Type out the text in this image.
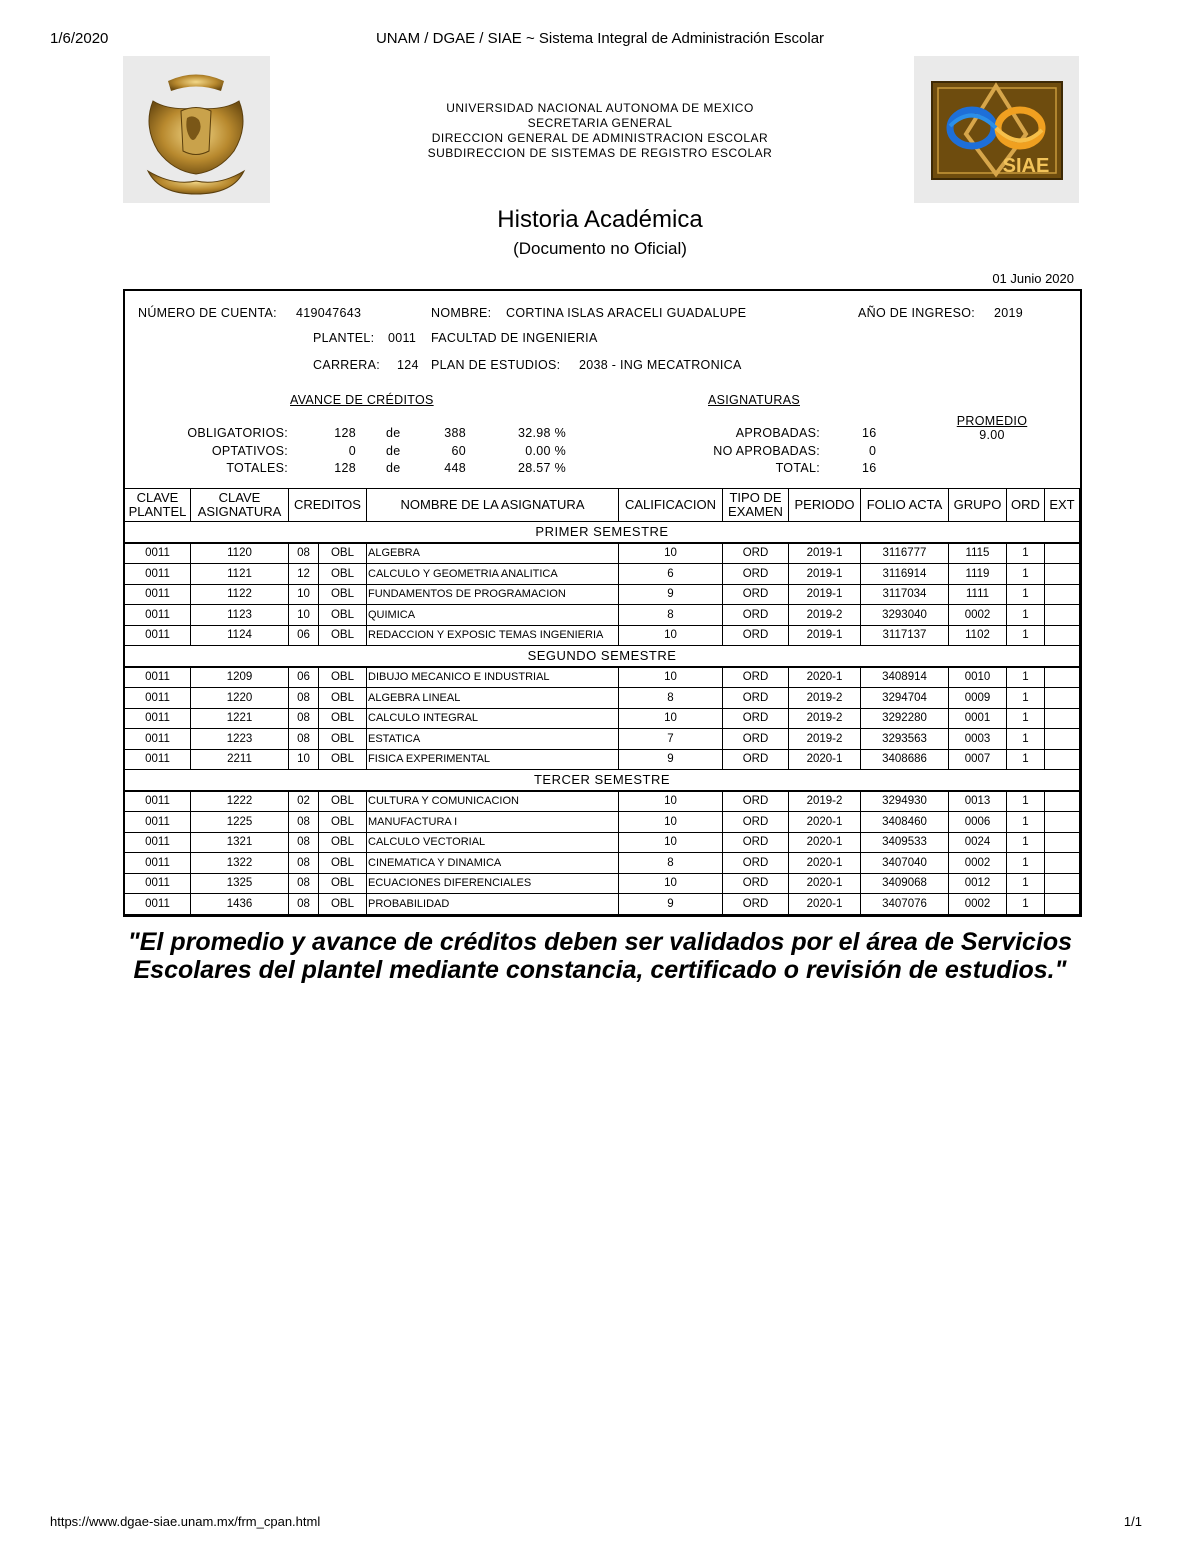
1/6/2020	UNAM / DGAE / SIAE ~ Sistema Integral de Administración Escolar
UNIVERSIDAD NACIONAL AUTONOMA DE MEXICO
SECRETARIA GENERAL
DIRECCION GENERAL DE ADMINISTRACION ESCOLAR
SUBDIRECCION DE SISTEMAS DE REGISTRO ESCOLAR
SIAE
Historia Académica
(Documento no Oficial)
01 Junio 2020
NÚMERO DE CUENTA: 419047643	NOMBRE: CORTINA ISLAS ARACELI GUADALUPE	AÑO DE INGRESO: 2019
PLANTEL: 0011 FACULTAD DE INGENIERIA
CARRERA: 124 PLAN DE ESTUDIOS: 2038 - ING MECATRONICA
AVANCE DE CRÉDITOS
OBLIGATORIOS:	128 de	388	32.98 %
OPTATIVOS:	0 de	60	0.00 %
TOTALES:	128 de	448	28.57 %
ASIGNATURAS
APROBADAS:	16
NO APROBADAS:	0
TOTAL:	16
PROMEDIO
9.00
CLAVE PLANTEL	CLAVE ASIGNATURA	CREDITOS		NOMBRE DE LA ASIGNATURA	CALIFICACION	TIPO DE EXAMEN	PERIODO	FOLIO ACTA	GRUPO	ORD	EXT
PRIMER SEMESTRE											
0011	1120	08	OBL	ALGEBRA	10	ORD	2019-1	3116777	1115	1	
0011	1121	12	OBL	CALCULO Y GEOMETRIA ANALITICA	6	ORD	2019-1	3116914	1119	1	
0011	1122	10	OBL	FUNDAMENTOS DE PROGRAMACION	9	ORD	2019-1	3117034	1111	1	
0011	1123	10	OBL	QUIMICA	8	ORD	2019-2	3293040	0002	1	
0011	1124	06	OBL	REDACCION Y EXPOSIC TEMAS INGENIERIA	10	ORD	2019-1	3117137	1102	1	
SEGUNDO SEMESTRE											
0011	1209	06	OBL	DIBUJO MECANICO E INDUSTRIAL	10	ORD	2020-1	3408914	0010	1	
0011	1220	08	OBL	ALGEBRA LINEAL	8	ORD	2019-2	3294704	0009	1	
0011	1221	08	OBL	CALCULO INTEGRAL	10	ORD	2019-2	3292280	0001	1	
0011	1223	08	OBL	ESTATICA	7	ORD	2019-2	3293563	0003	1	
0011	2211	10	OBL	FISICA EXPERIMENTAL	9	ORD	2020-1	3408686	0007	1	
TERCER SEMESTRE											
0011	1222	02	OBL	CULTURA Y COMUNICACION	10	ORD	2019-2	3294930	0013	1	
0011	1225	08	OBL	MANUFACTURA I	10	ORD	2020-1	3408460	0006	1	
0011	1321	08	OBL	CALCULO VECTORIAL	10	ORD	2020-1	3409533	0024	1	
0011	1322	08	OBL	CINEMATICA Y DINAMICA	8	ORD	2020-1	3407040	0002	1	
0011	1325	08	OBL	ECUACIONES DIFERENCIALES	10	ORD	2020-1	3409068	0012	1	
0011	1436	08	OBL	PROBABILIDAD	9	ORD	2020-1	3407076	0002	1	
"El promedio y avance de créditos deben ser validados por el área de Servicios Escolares del plantel mediante constancia, certificado o revisión de estudios."
https://www.dgae-siae.unam.mx/frm_cpan.html	1/1
